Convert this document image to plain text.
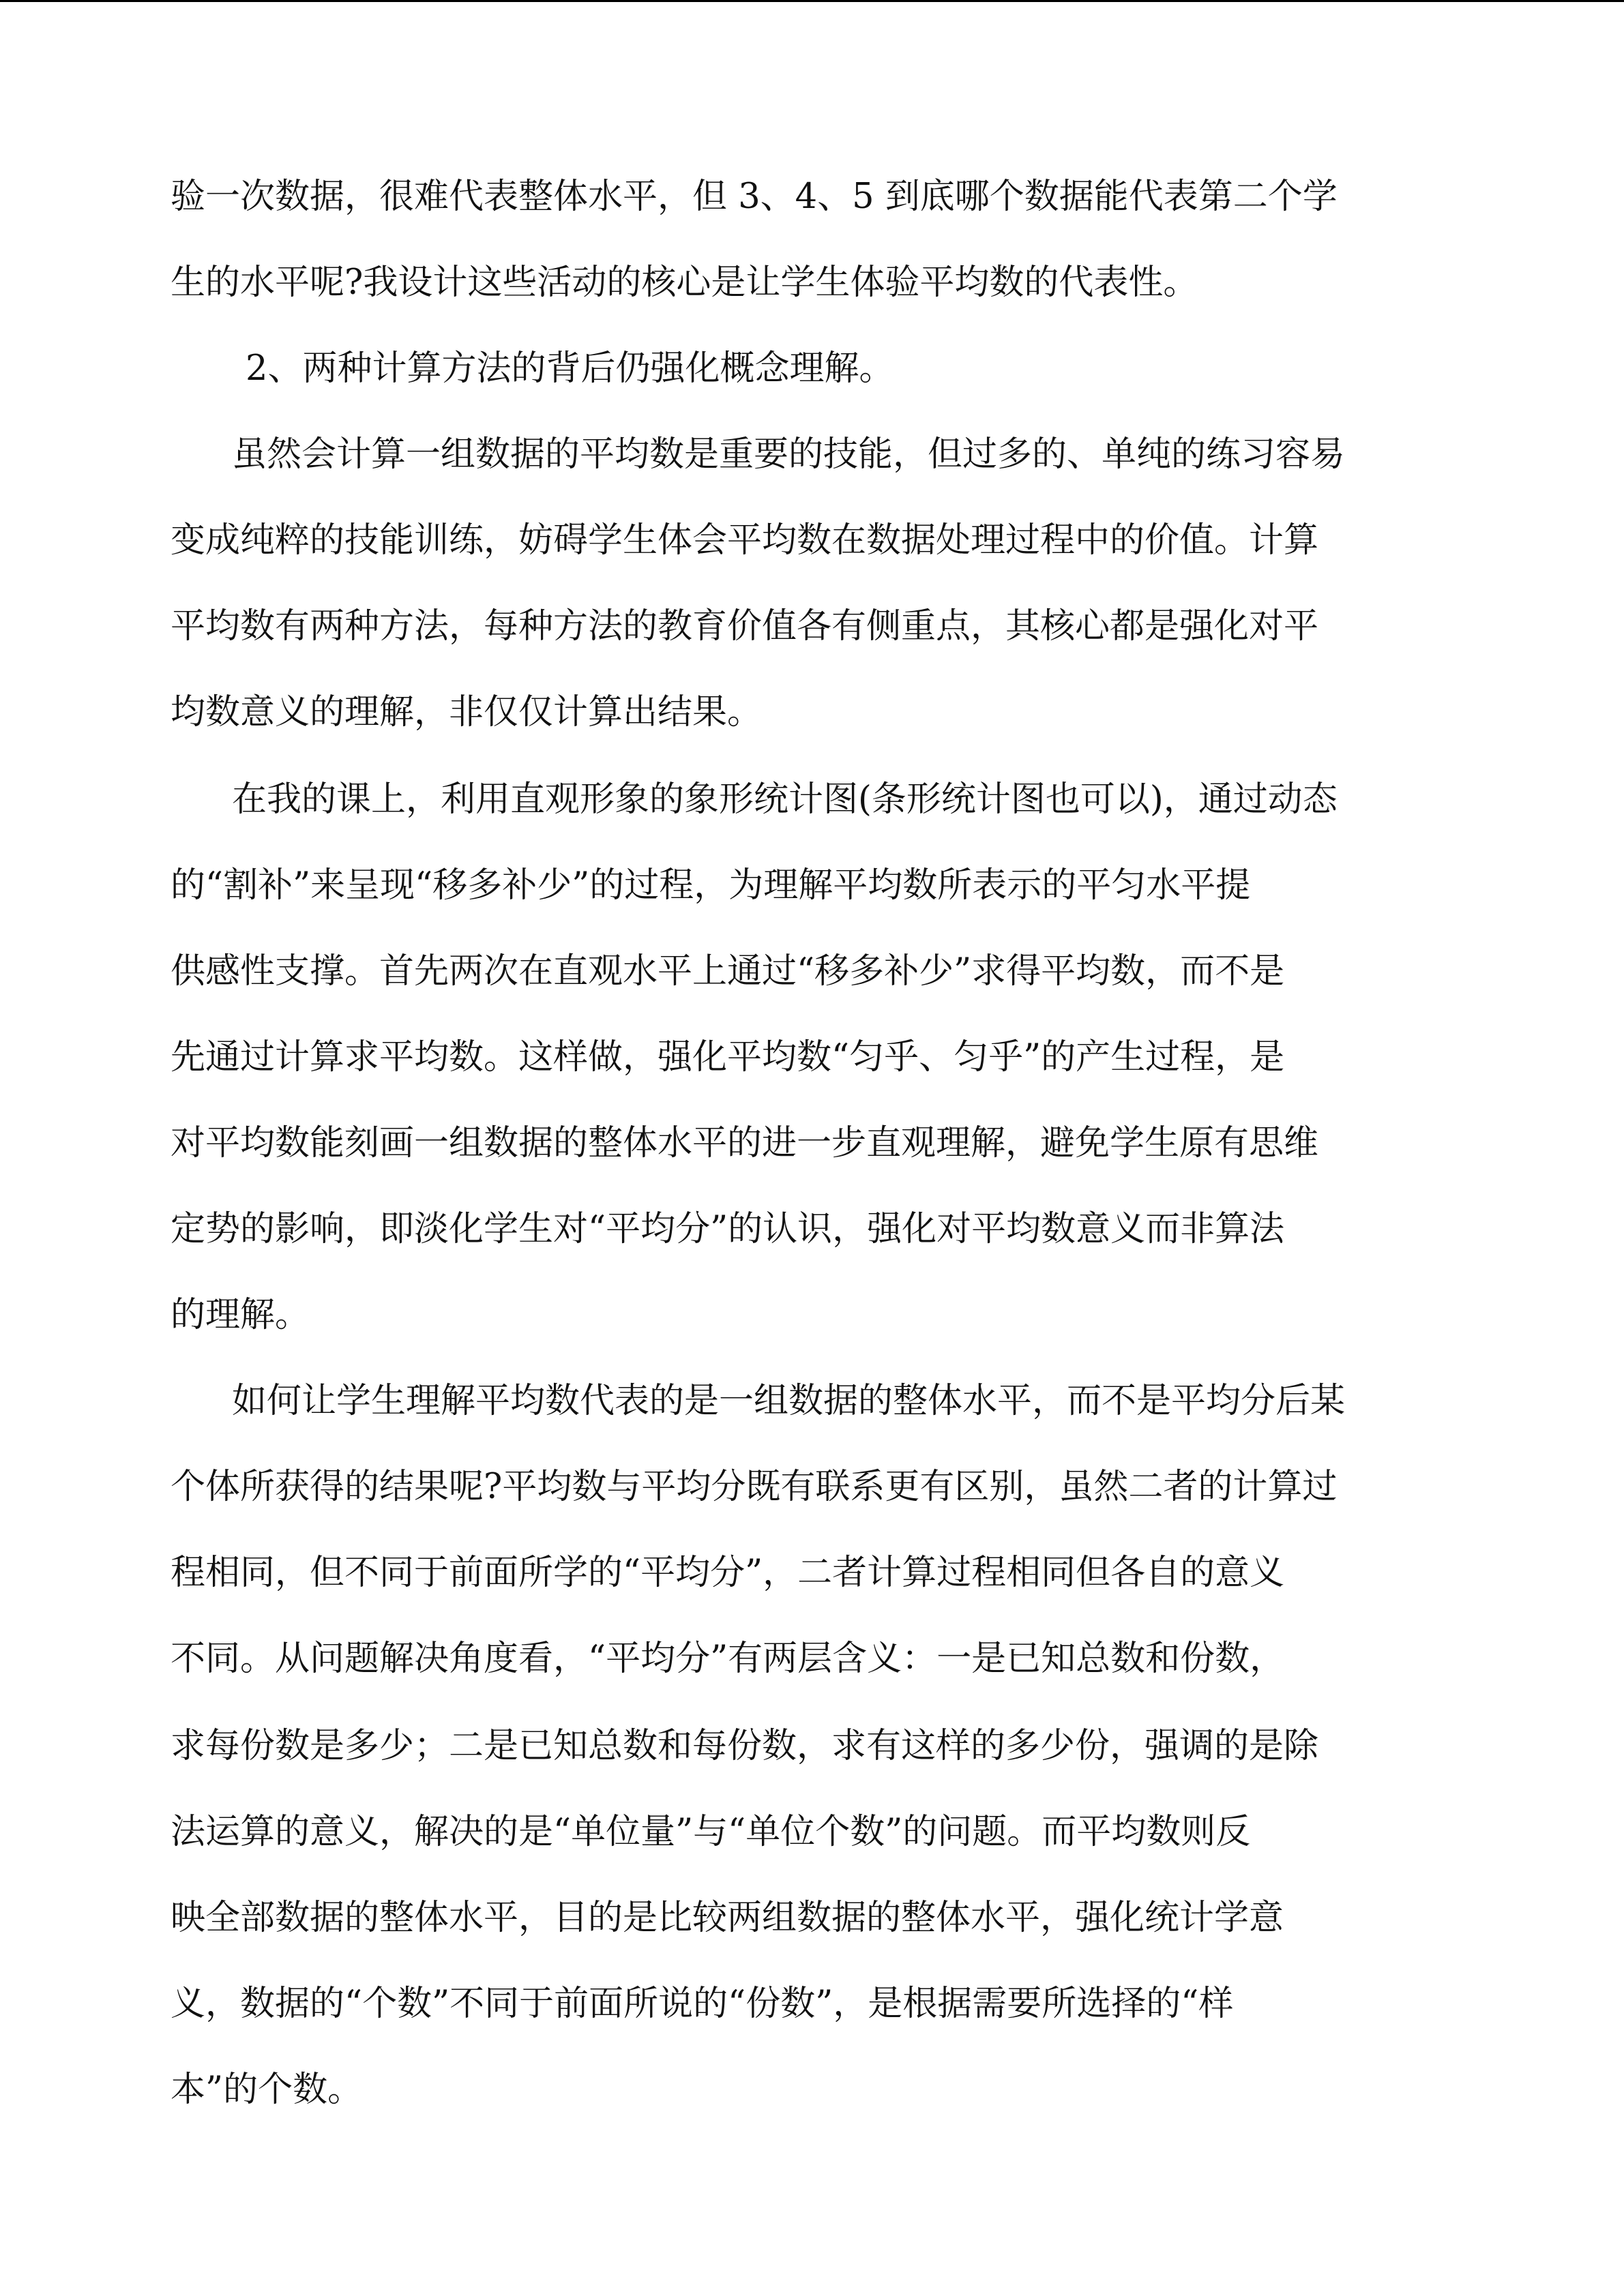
验一次数据，很难代表整体水平，但 3、4、5 到底哪个数据能代表第二个学

生的水平呢?我设计这些活动的核心是让学生体验平均数的代表性。

2、两种计算方法的背后仍强化概念理解。

虽然会计算一组数据的平均数是重要的技能，但过多的、单纯的练习容易

变成纯粹的技能训练，妨碍学生体会平均数在数据处理过程中的价值。计算

平均数有两种方法，每种方法的教育价值各有侧重点，其核心都是强化对平

均数意义的理解，非仅仅计算出结果。

在我的课上，利用直观形象的象形统计图(条形统计图也可以)，通过动态

的“割补”来呈现“移多补少”的过程，为理解平均数所表示的平匀水平提

供感性支撑。首先两次在直观水平上通过“移多补少”求得平均数，而不是

先通过计算求平均数。这样做，强化平均数“匀乎、匀乎”的产生过程，是

对平均数能刻画一组数据的整体水平的进一步直观理解，避免学生原有思维

定势的影响，即淡化学生对“平均分”的认识，强化对平均数意义而非算法

的理解。

如何让学生理解平均数代表的是一组数据的整体水平，而不是平均分后某

个体所获得的结果呢?平均数与平均分既有联系更有区别，虽然二者的计算过

程相同，但不同于前面所学的“平均分”，二者计算过程相同但各自的意义

不同。从问题解决角度看，“平均分”有两层含义：一是已知总数和份数，

求每份数是多少；二是已知总数和每份数，求有这样的多少份，强调的是除

法运算的意义，解决的是“单位量”与“单位个数”的问题。而平均数则反

映全部数据的整体水平，目的是比较两组数据的整体水平，强化统计学意

义，数据的“个数”不同于前面所说的“份数”，是根据需要所选择的“样

本”的个数。
